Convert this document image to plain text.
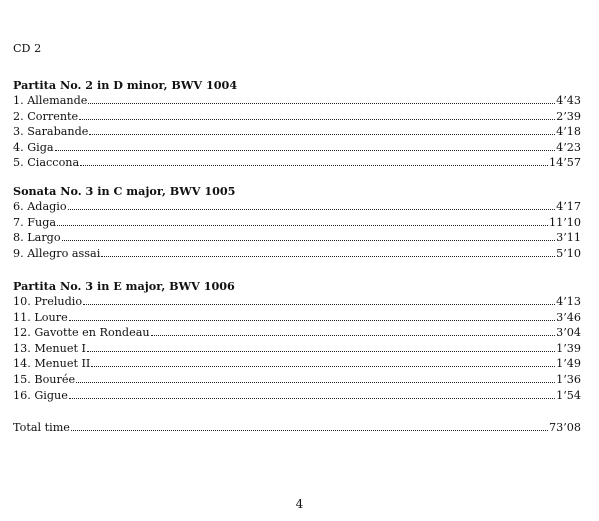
CD 2
Partita No. 2 in D minor, BWV 1004
1. Allemande	4’43
2. Corrente	2’39
3. Sarabande	4’18
4. Giga	4’23
5. Ciaccona	14’57
Sonata No. 3 in C major, BWV 1005
6. Adagio	4’17
7. Fuga	11’10
8. Largo	3’11
9. Allegro assai	5’10
Partita No. 3 in E major, BWV 1006
10. Preludio	4’13
11. Loure	3’46
12. Gavotte en Rondeau	3’04
13. Menuet I	1’39
14. Menuet II	1’49
15. Bourée	1’36
16. Gigue	1’54
Total time	73’08
4
